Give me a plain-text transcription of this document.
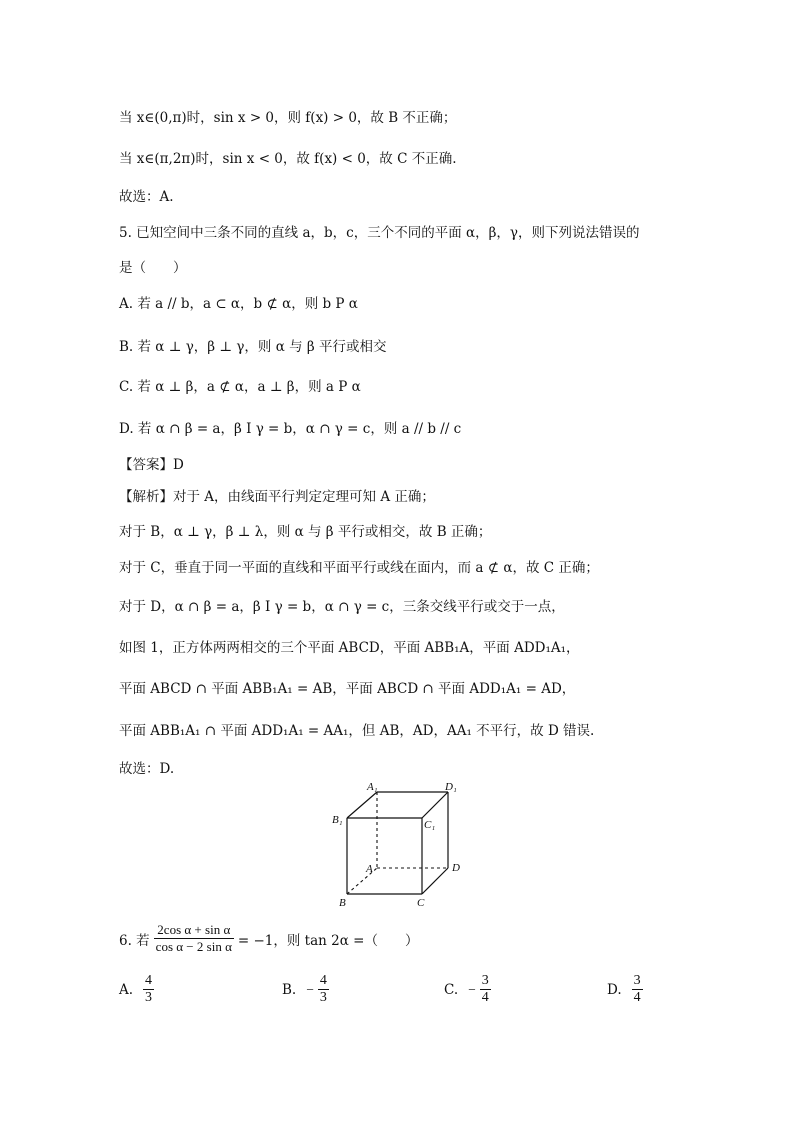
当 x∈(0,π)时，sin x > 0，则 f(x) > 0，故 B 不正确；
当 x∈(π,2π)时，sin x < 0，故 f(x) < 0，故 C 不正确.
故选：A.
5. 已知空间中三条不同的直线 a，b，c，三个不同的平面 α，β，γ，则下列说法错误的
是（　　）
A. 若 a // b，a ⊂ α，b ⊄ α，则 b P α
B. 若 α ⊥ γ，β ⊥ γ，则 α 与 β 平行或相交
C. 若 α ⊥ β，a ⊄ α，a ⊥ β，则 a P α
D. 若 α ∩ β = a，β I γ = b，α ∩ γ = c，则 a // b // c
【答案】D
【解析】对于 A，由线面平行判定定理可知 A 正确；
对于 B，α ⊥ γ，β ⊥ λ，则 α 与 β 平行或相交，故 B 正确；
对于 C，垂直于同一平面的直线和平面平行或线在面内，而 a ⊄ α，故 C 正确；
对于 D，α ∩ β = a，β I γ = b，α ∩ γ = c，三条交线平行或交于一点，
如图 1，正方体两两相交的三个平面 ABCD，平面 ABB₁A，平面 ADD₁A₁，
平面 ABCD ∩ 平面 ABB₁A₁ = AB，平面 ABCD ∩ 平面 ADD₁A₁ = AD，
平面 ABB₁A₁ ∩ 平面 ADD₁A₁ = AA₁，但 AB，AD，AA₁ 不平行，故 D 错误.
故选：D.
A₁	D₁
B₁	C₁
A	D
B	C
6. 若 $\frac{\text{2cos α + sin α}}{\text{cos α − 2 sin α}} = -1$，则 tan 2α =（　　）
A. $\frac{4}{3}$	B. − $\frac{4}{3}$	C. − $\frac{3}{4}$	D. $\frac{3}{4}$
